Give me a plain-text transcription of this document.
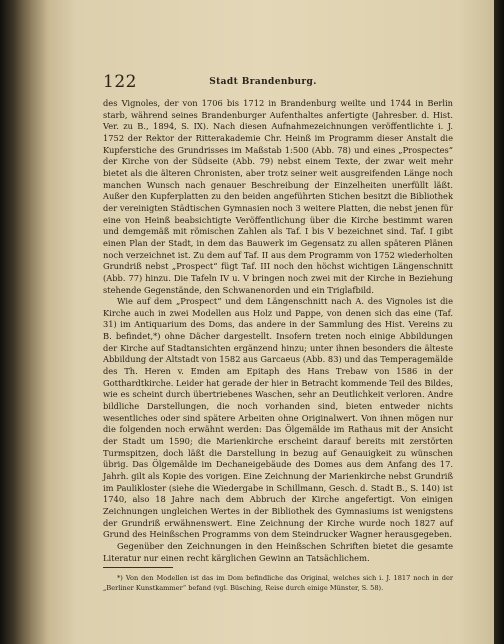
122	Stadt Brandenburg.

des Vignoles, der von 1706 bis 1712 in Brandenburg weilte und 1744 in Berlin starb, während seines Brandenburger Aufenthaltes anfertigte (Jahresber. d. Hist. Ver. zu B., 1894, S. IX). Nach diesen Aufnahmezeichnungen veröffentlichte i. J. 1752 der Rektor der Ritterakademie Chr. Heinß im Programm dieser Anstalt die Kupferstiche des Grundrisses im Maßstab 1:500 (Abb. 78) und eines „Prospectes“ der Kirche von der Südseite (Abb. 79) nebst einem Texte, der zwar weit mehr bietet als die älteren Chronisten, aber trotz seiner weit ausgreifenden Länge noch manchen Wunsch nach genauer Beschreibung der Einzelheiten unerfüllt läßt. Außer den Kupferplatten zu den beiden angeführten Stichen besitzt die Bibliothek der vereinigten Städtischen Gymnasien noch 3 weitere Platten, die nebst jenen für eine von Heinß beabsichtigte Veröffentlichung über die Kirche bestimmt waren und demgemäß mit römischen Zahlen als Taf. I bis V bezeichnet sind. Taf. I gibt einen Plan der Stadt, in dem das Bauwerk im Gegensatz zu allen späteren Plänen noch verzeichnet ist. Zu dem auf Taf. II aus dem Programm von 1752 wiederholten Grundriß nebst „Prospect“ fügt Taf. III noch den höchst wichtigen Längenschnitt (Abb. 77) hinzu. Die Tafeln IV u. V bringen noch zwei mit der Kirche in Beziehung stehende Gegenstände, den Schwanenorden und ein Triglafbild.

Wie auf dem „Prospect“ und dem Längenschnitt nach A. des Vignoles ist die Kirche auch in zwei Modellen aus Holz und Pappe, von denen sich das eine (Taf. 31) im Antiquarium des Doms, das andere in der Sammlung des Hist. Vereins zu B. befindet,*) ohne Dächer dargestellt. Insofern treten noch einige Abbildungen der Kirche auf Stadtansichten ergänzend hinzu; unter ihnen besonders die älteste Abbildung der Altstadt von 1582 aus Garcaeus (Abb. 83) und das Temperagemälde des Th. Heren v. Emden am Epitaph des Hans Trebaw von 1586 in der Gotthardtkirche. Leider hat gerade der hier in Betracht kommende Teil des Bildes, wie es scheint durch übertriebenes Waschen, sehr an Deutlichkeit verloren. Andre bildliche Darstellungen, die noch vorhanden sind, bieten entweder nichts wesentliches oder sind spätere Arbeiten ohne Originalwert. Von ihnen mögen nur die folgenden noch erwähnt werden: Das Ölgemälde im Rathaus mit der Ansicht der Stadt um 1590; die Marienkirche erscheint darauf bereits mit zerstörten Turmspitzen, doch läßt die Darstellung in bezug auf Genauigkeit zu wünschen übrig. Das Ölgemälde im Dechaneigebäude des Domes aus dem Anfang des 17. Jahrh. gilt als Kopie des vorigen. Eine Zeichnung der Marienkirche nebst Grundriß im Paulikloster (siehe die Wiedergabe in Schillmann, Gesch. d. Stadt B., S. 140) ist 1740, also 18 Jahre nach dem Abbruch der Kirche angefertigt. Von einigen Zeichnungen ungleichen Wertes in der Bibliothek des Gymnasiums ist wenigstens der Grundriß erwähnenswert. Eine Zeichnung der Kirche wurde noch 1827 auf Grund des Heinßschen Programms von dem Steindrucker Wagner herausgegeben.

Gegenüber den Zeichnungen in den Heinßschen Schriften bietet die gesamte Literatur nur einen recht kärglichen Gewinn an Tatsächlichem.

*) Von den Modellen ist das im Dom befindliche das Original, welches sich i. J. 1817 noch in der „Berliner Kunstkammer“ befand (vgl. Büsching, Reise durch einige Münster, S. 58).
